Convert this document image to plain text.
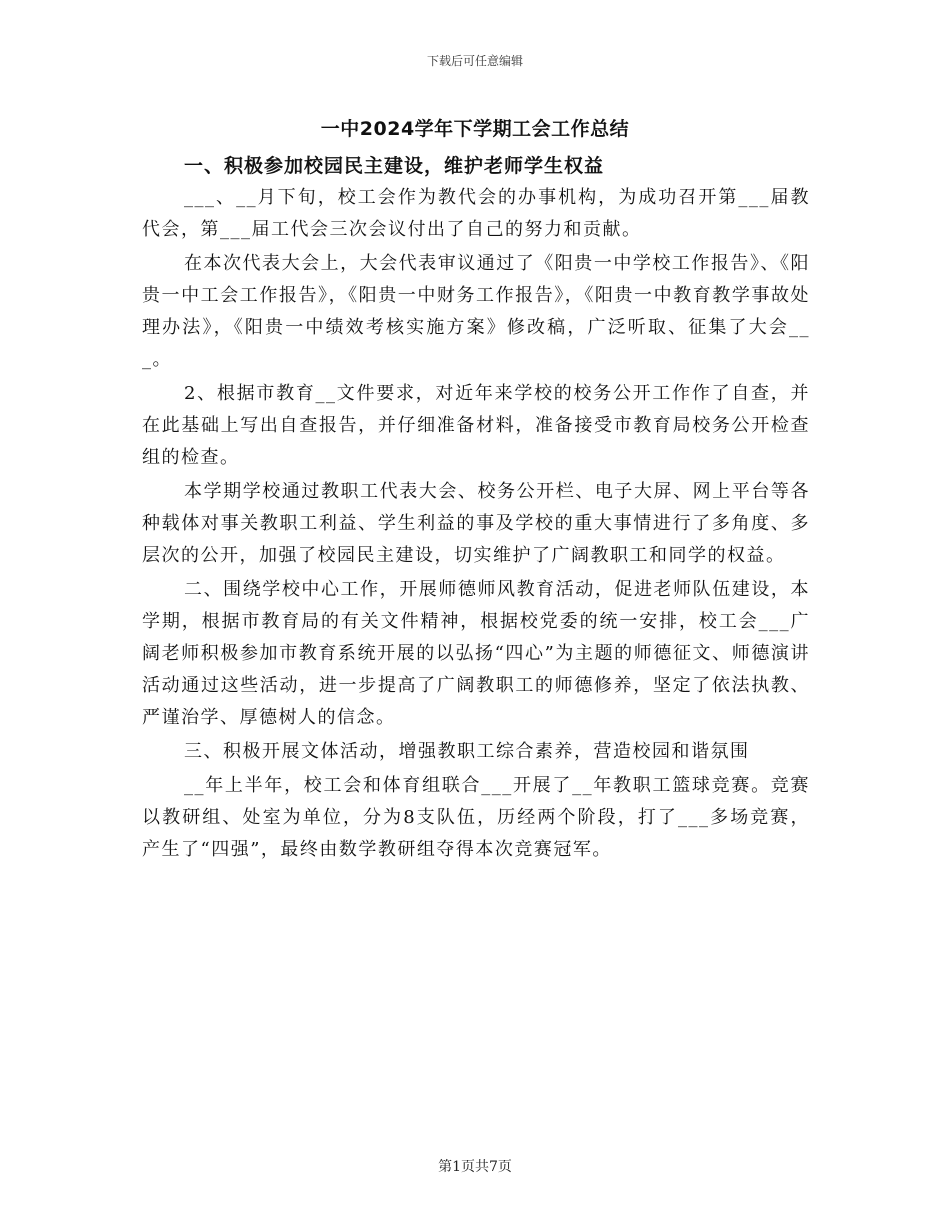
下载后可任意编辑
一中2024学年下学期工会工作总结
一、积极参加校园民主建设，维护老师学生权益

___、__月下旬，校工会作为教代会的办事机构，为成功召开第___届教代会，第___届工代会三次会议付出了自己的努力和贡献。

在本次代表大会上，大会代表审议通过了《阳贵一中学校工作报告》、《阳贵一中工会工作报告》，《阳贵一中财务工作报告》，《阳贵一中教育教学事故处理办法》，《阳贵一中绩效考核实施方案》修改稿，广泛听取、征集了大会___。

2、根据市教育__文件要求，对近年来学校的校务公开工作作了自查，并在此基础上写出自查报告，并仔细准备材料，准备接受市教育局校务公开检查组的检查。

本学期学校通过教职工代表大会、校务公开栏、电子大屏、网上平台等各种载体对事关教职工利益、学生利益的事及学校的重大事情进行了多角度、多层次的公开，加强了校园民主建设，切实维护了广阔教职工和同学的权益。

二、围绕学校中心工作，开展师德师风教育活动，促进老师队伍建设，本学期，根据市教育局的有关文件精神，根据校党委的统一安排，校工会___广阔老师积极参加市教育系统开展的以弘扬“四心”为主题的师德征文、师德演讲活动通过这些活动，进一步提高了广阔教职工的师德修养，坚定了依法执教、严谨治学、厚德树人的信念。

三、积极开展文体活动，增强教职工综合素养，营造校园和谐氛围

__年上半年，校工会和体育组联合___开展了__年教职工篮球竞赛。竞赛以教研组、处室为单位，分为8支队伍，历经两个阶段，打了___多场竞赛，产生了“四强”，最终由数学教研组夺得本次竞赛冠军。

第1页共7页
